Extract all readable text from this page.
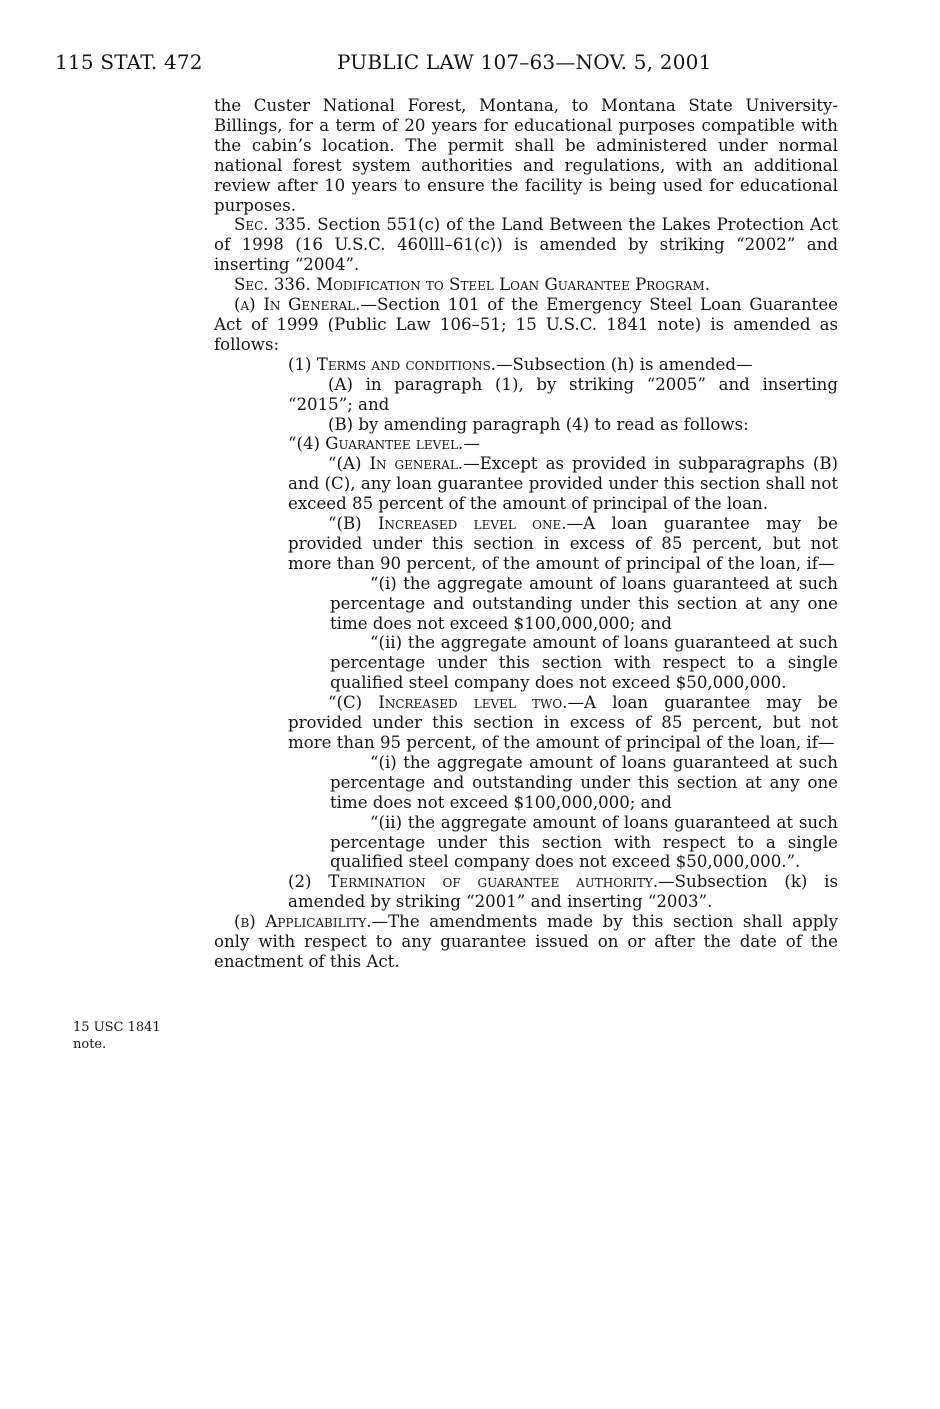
115 STAT. 472	PUBLIC LAW 107–63—NOV. 5, 2001

the Custer National Forest, Montana, to Montana State University-Billings, for a term of 20 years for educational purposes compatible with the cabin’s location. The permit shall be administered under normal national forest system authorities and regulations, with an additional review after 10 years to ensure the facility is being used for educational purposes.

Sec. 335. Section 551(c) of the Land Between the Lakes Protection Act of 1998 (16 U.S.C. 460lll–61(c)) is amended by striking “2002” and inserting “2004”.

Sec. 336. Modification to Steel Loan Guarantee Program.

(a) In General.—Section 101 of the Emergency Steel Loan Guarantee Act of 1999 (Public Law 106–51; 15 U.S.C. 1841 note) is amended as follows:

(1) Terms and conditions.—Subsection (h) is amended—

(A) in paragraph (1), by striking “2005” and inserting “2015”; and

(B) by amending paragraph (4) to read as follows:

“(4) Guarantee level.—

“(A) In general.—Except as provided in subparagraphs (B) and (C), any loan guarantee provided under this section shall not exceed 85 percent of the amount of principal of the loan.

“(B) Increased level one.—A loan guarantee may be provided under this section in excess of 85 percent, but not more than 90 percent, of the amount of principal of the loan, if—

“(i) the aggregate amount of loans guaranteed at such percentage and outstanding under this section at any one time does not exceed $100,000,000; and

“(ii) the aggregate amount of loans guaranteed at such percentage under this section with respect to a single qualified steel company does not exceed $50,000,000.

“(C) Increased level two.—A loan guarantee may be provided under this section in excess of 85 percent, but not more than 95 percent, of the amount of principal of the loan, if—

“(i) the aggregate amount of loans guaranteed at such percentage and outstanding under this section at any one time does not exceed $100,000,000; and

“(ii) the aggregate amount of loans guaranteed at such percentage under this section with respect to a single qualified steel company does not exceed $50,000,000.”.

(2) Termination of guarantee authority.—Subsection (k) is amended by striking “2001” and inserting “2003”.

(b) Applicability.—The amendments made by this section shall apply only with respect to any guarantee issued on or after the date of the enactment of this Act.

15 USC 1841
note.
